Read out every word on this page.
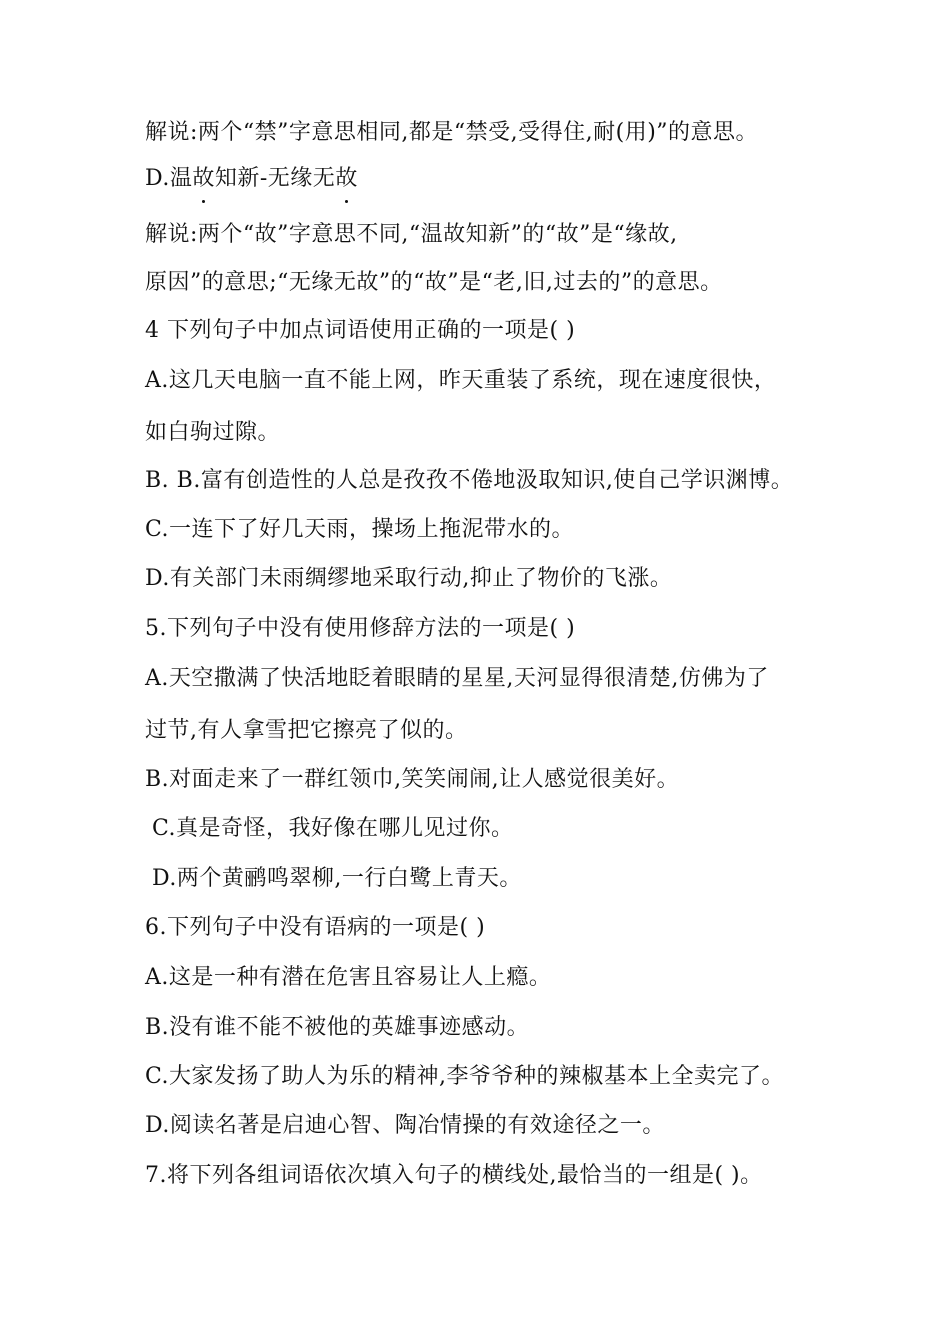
解说:两个“禁”字意思相同,都是“禁受,受得住,耐(用)”的意思。
D.温故知新-无缘无故
解说:两个“故”字意思不同,“温故知新”的“故”是“缘故,
原因”的意思;“无缘无故”的“故”是“老,旧,过去的”的意思。
4 下列句子中加点词语使用正确的一项是( )
A.这几天电脑一直不能上网，昨天重装了系统，现在速度很快，
如白驹过隙。
B. B.富有创造性的人总是孜孜不倦地汲取知识,使自己学识渊博。
C.一连下了好几天雨，操场上拖泥带水的。
D.有关部门未雨绸缪地采取行动,抑止了物价的飞涨。
5.下列句子中没有使用修辞方法的一项是( )
A.天空撒满了快活地眨着眼睛的星星,天河显得很清楚,仿佛为了
过节,有人拿雪把它擦亮了似的。
B.对面走来了一群红领巾,笑笑闹闹,让人感觉很美好。
C.真是奇怪，我好像在哪儿见过你。
D.两个黄鹂鸣翠柳,一行白鹭上青天。
6.下列句子中没有语病的一项是( )
A.这是一种有潜在危害且容易让人上瘾。
B.没有谁不能不被他的英雄事迹感动。
C.大家发扬了助人为乐的精神,李爷爷种的辣椒基本上全卖完了。
D.阅读名著是启迪心智、陶冶情操的有效途径之一。
7.将下列各组词语依次填入句子的横线处,最恰当的一组是( )。
